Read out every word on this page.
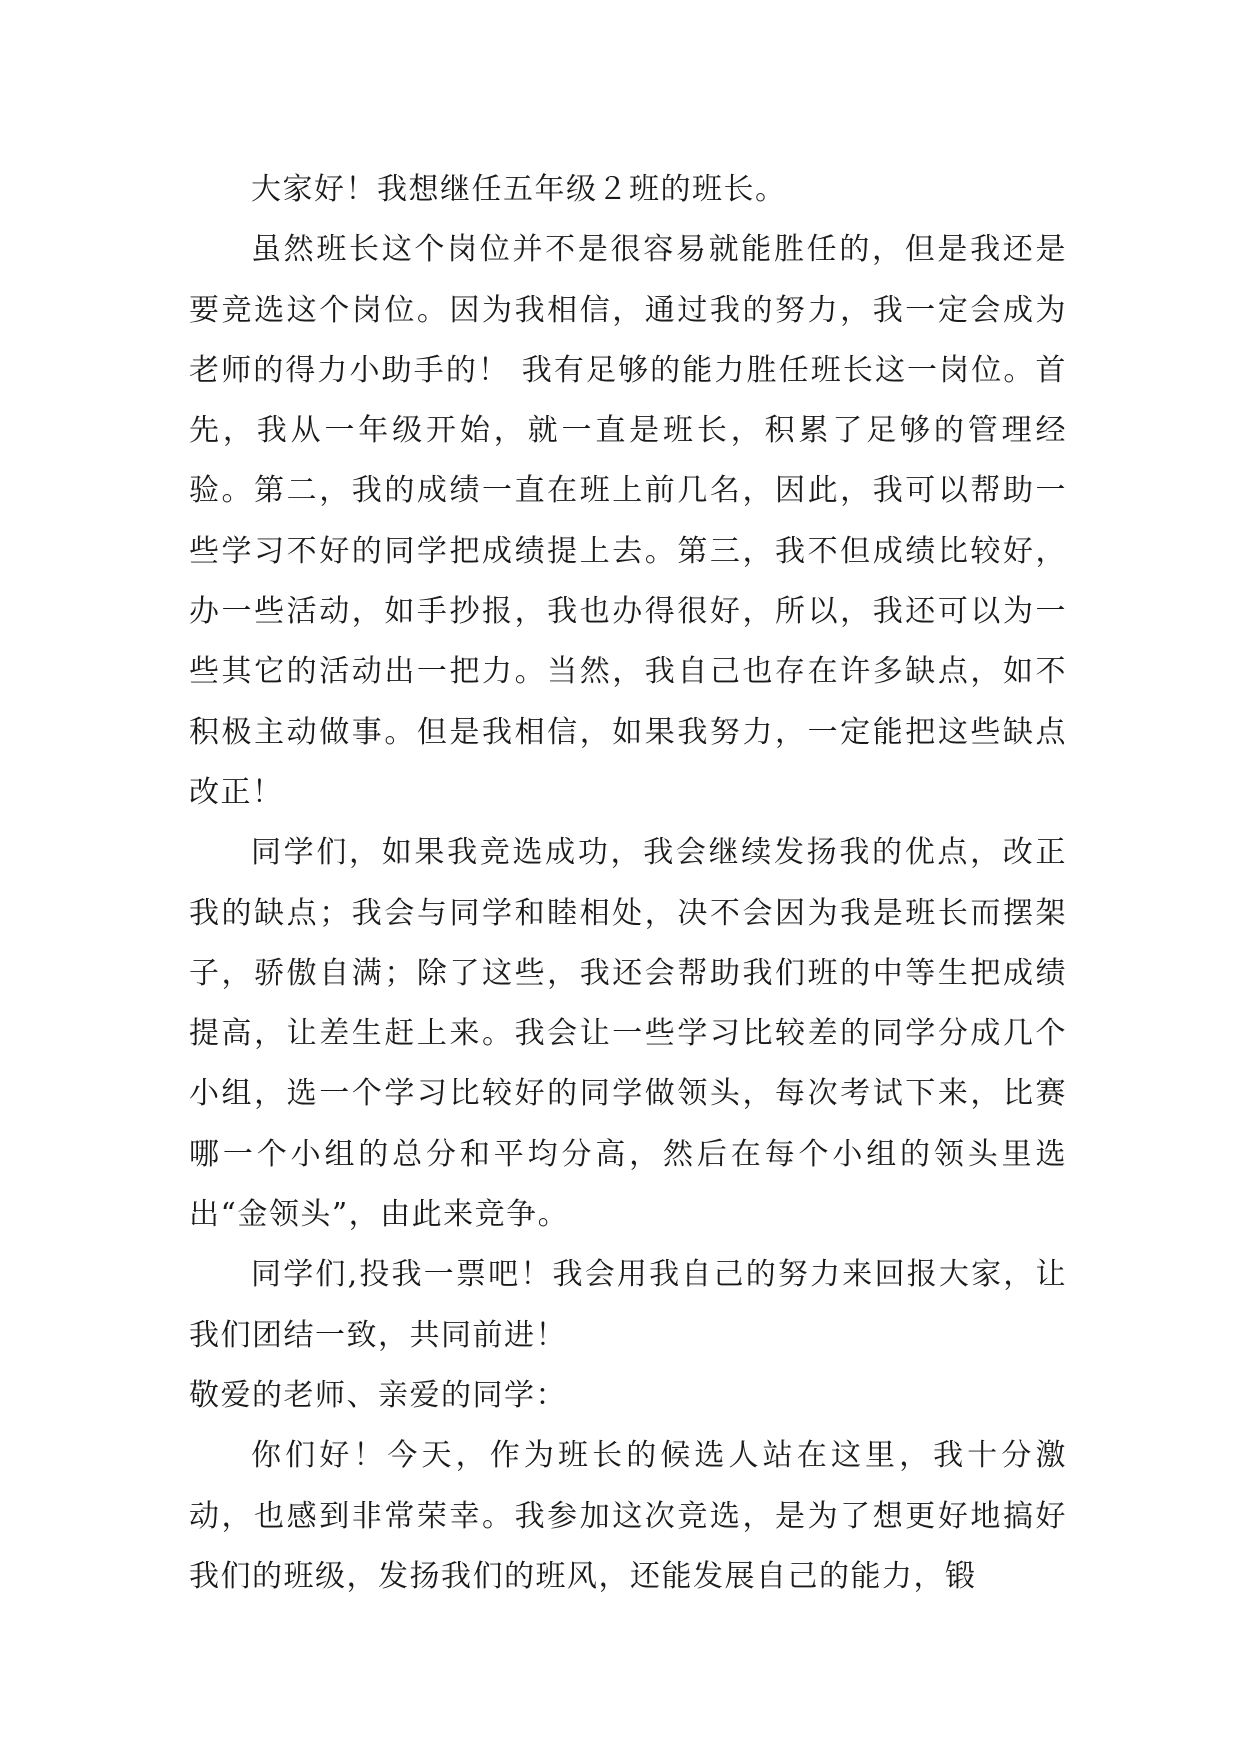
大家好！我想继任五年级２班的班长。

虽然班长这个岗位并不是很容易就能胜任的，但是我还是要竞选这个岗位。因为我相信，通过我的努力，我一定会成为老师的得力小助手的！ 我有足够的能力胜任班长这一岗位。首先，我从一年级开始，就一直是班长，积累了足够的管理经验。第二，我的成绩一直在班上前几名，因此，我可以帮助一些学习不好的同学把成绩提上去。第三，我不但成绩比较好，办一些活动，如手抄报，我也办得很好，所以，我还可以为一些其它的活动出一把力。当然，我自己也存在许多缺点，如不积极主动做事。但是我相信，如果我努力，一定能把这些缺点改正！

同学们，如果我竞选成功，我会继续发扬我的优点，改正我的缺点；我会与同学和睦相处，决不会因为我是班长而摆架子，骄傲自满；除了这些，我还会帮助我们班的中等生把成绩提高，让差生赶上来。我会让一些学习比较差的同学分成几个小组，选一个学习比较好的同学做领头，每次考试下来，比赛哪一个小组的总分和平均分高，然后在每个小组的领头里选出“金领头”，由此来竞争。

同学们,投我一票吧！我会用我自己的努力来回报大家，让我们团结一致，共同前进！

敬爱的老师、亲爱的同学：

你们好！今天，作为班长的候选人站在这里，我十分激动，也感到非常荣幸。我参加这次竞选，是为了想更好地搞好我们的班级，发扬我们的班风，还能发展自己的能力，锻
